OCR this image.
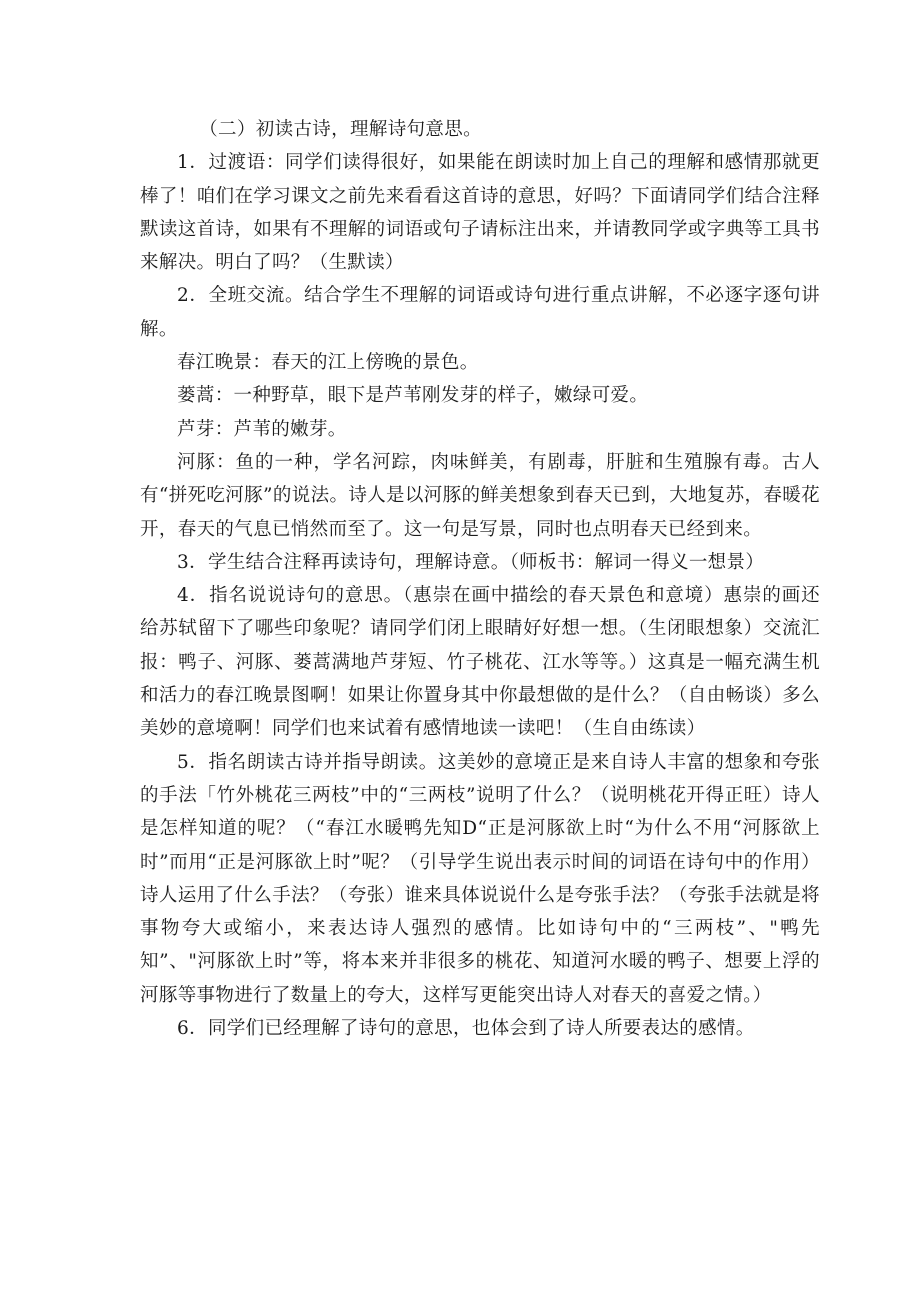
（二）初读古诗，理解诗句意思。

1．过渡语：同学们读得很好，如果能在朗读时加上自己的理解和感情那就更棒了！咱们在学习课文之前先来看看这首诗的意思，好吗？下面请同学们结合注释默读这首诗，如果有不理解的词语或句子请标注出来，并请教同学或字典等工具书来解决。明白了吗？（生默读）

2．全班交流。结合学生不理解的词语或诗句进行重点讲解，不必逐字逐句讲解。

春江晚景：春天的江上傍晚的景色。

蒌蒿：一种野草，眼下是芦苇刚发芽的样子，嫩绿可爱。

芦芽：芦苇的嫩芽。

河豚：鱼的一种，学名河踪，肉味鲜美，有剧毒，肝脏和生殖腺有毒。古人有“拼死吃河豚”的说法。诗人是以河豚的鲜美想象到春天已到，大地复苏，春暖花开，春天的气息已悄然而至了。这一句是写景，同时也点明春天已经到来。

3．学生结合注释再读诗句，理解诗意。（师板书：解词一得义一想景）

4．指名说说诗句的意思。（惠崇在画中描绘的春天景色和意境）惠崇的画还给苏轼留下了哪些印象呢？请同学们闭上眼睛好好想一想。（生闭眼想象）交流汇报：鸭子、河豚、蒌蒿满地芦芽短、竹子桃花、江水等等。）这真是一幅充满生机和活力的春江晚景图啊！如果让你置身其中你最想做的是什么？（自由畅谈）多么美妙的意境啊！同学们也来试着有感情地读一读吧！（生自由练读）

5．指名朗读古诗并指导朗读。这美妙的意境正是来自诗人丰富的想象和夸张的手法「竹外桃花三两枝”中的“三两枝”说明了什么？（说明桃花开得正旺）诗人是怎样知道的呢？（“春江水暖鸭先知D“正是河豚欲上时“为什么不用“河豚欲上时”而用“正是河豚欲上时”呢？（引导学生说出表示时间的词语在诗句中的作用）诗人运用了什么手法？（夸张）谁来具体说说什么是夸张手法？（夸张手法就是将事物夸大或缩小，来表达诗人强烈的感情。比如诗句中的“三两枝”、"鸭先知”、"河豚欲上时”等，将本来并非很多的桃花、知道河水暖的鸭子、想要上浮的河豚等事物进行了数量上的夸大，这样写更能突出诗人对春天的喜爱之情。）

6．同学们已经理解了诗句的意思，也体会到了诗人所要表达的感情。
